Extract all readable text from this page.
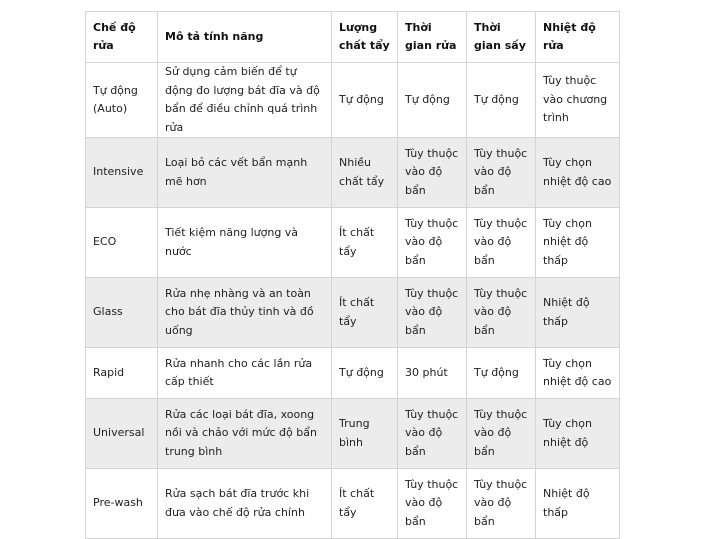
Chế độ rửa	Mô tả tính năng	Lượng chất tẩy	Thời gian rửa	Thời gian sấy	Nhiệt độ rửa
Tự động (Auto)	Sử dụng cảm biến để tự động đo lượng bát đĩa và độ bẩn để điều chỉnh quá trình rửa	Tự động	Tự động	Tự động	Tùy thuộc vào chương trình
Intensive	Loại bỏ các vết bẩn mạnh mẽ hơn	Nhiều chất tẩy	Tùy thuộc vào độ bẩn	Tùy thuộc vào độ bẩn	Tùy chọn nhiệt độ cao
ECO	Tiết kiệm năng lượng và nước	Ít chất tẩy	Tùy thuộc vào độ bẩn	Tùy thuộc vào độ bẩn	Tùy chọn nhiệt độ thấp
Glass	Rửa nhẹ nhàng và an toàn cho bát đĩa thủy tinh và đồ uống	Ít chất tẩy	Tùy thuộc vào độ bẩn	Tùy thuộc vào độ bẩn	Nhiệt độ thấp
Rapid	Rửa nhanh cho các lần rửa cấp thiết	Tự động	30 phút	Tự động	Tùy chọn nhiệt độ cao
Universal	Rửa các loại bát đĩa, xoong nồi và chảo với mức độ bẩn trung bình	Trung bình	Tùy thuộc vào độ bẩn	Tùy thuộc vào độ bẩn	Tùy chọn nhiệt độ
Pre-wash	Rửa sạch bát đĩa trước khi đưa vào chế độ rửa chính	Ít chất tẩy	Tùy thuộc vào độ bẩn	Tùy thuộc vào độ bẩn	Nhiệt độ thấp
